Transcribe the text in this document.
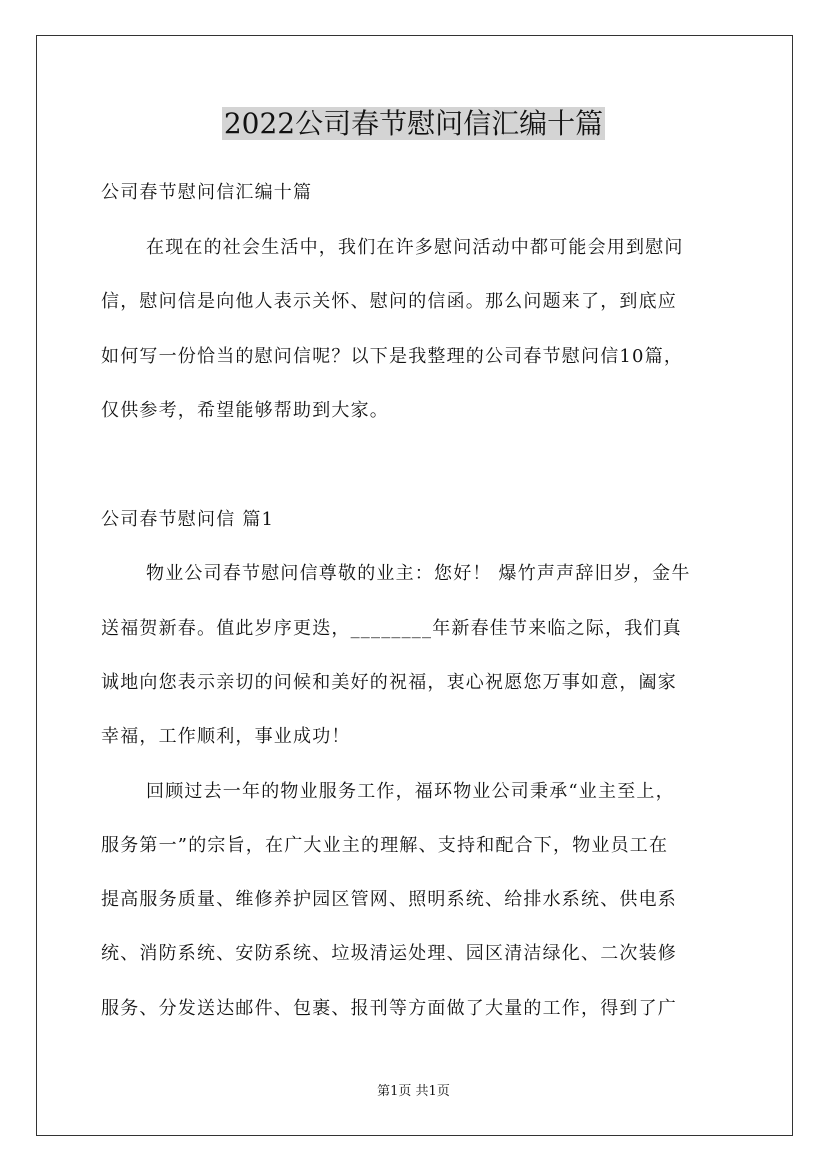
2022公司春节慰问信汇编十篇
公司春节慰问信汇编十篇
在现在的社会生活中，我们在许多慰问活动中都可能会用到慰问
信，慰问信是向他人表示关怀、慰问的信函。那么问题来了，到底应
如何写一份恰当的慰问信呢？以下是我整理的公司春节慰问信10篇，
仅供参考，希望能够帮助到大家。
公司春节慰问信 篇1
物业公司春节慰问信尊敬的业主：您好！ 爆竹声声辞旧岁，金牛
送福贺新春。值此岁序更迭，________年新春佳节来临之际，我们真
诚地向您表示亲切的问候和美好的祝福，衷心祝愿您万事如意，阖家
幸福，工作顺利，事业成功！
回顾过去一年的物业服务工作，福环物业公司秉承“业主至上，
服务第一”的宗旨，在广大业主的理解、支持和配合下，物业员工在
提高服务质量、维修养护园区管网、照明系统、给排水系统、供电系
统、消防系统、安防系统、垃圾清运处理、园区清洁绿化、二次装修
服务、分发送达邮件、包裹、报刊等方面做了大量的工作，得到了广
第1页 共1页
